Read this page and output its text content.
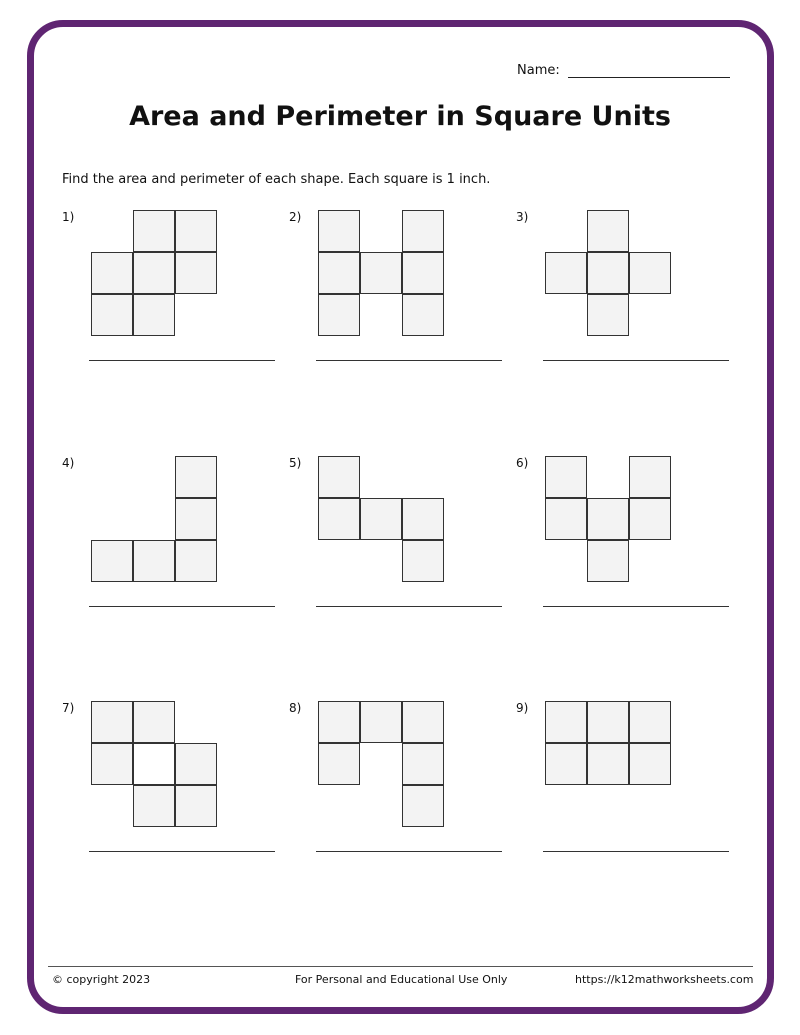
Name:
Area and Perimeter in Square Units
Find the area and perimeter of each shape. Each square is 1 inch.
1)	2)	3)
4)	5)	6)
7)	8)	9)
© copyright 2023	For Personal and Educational Use Only	https://k12mathworksheets.com
